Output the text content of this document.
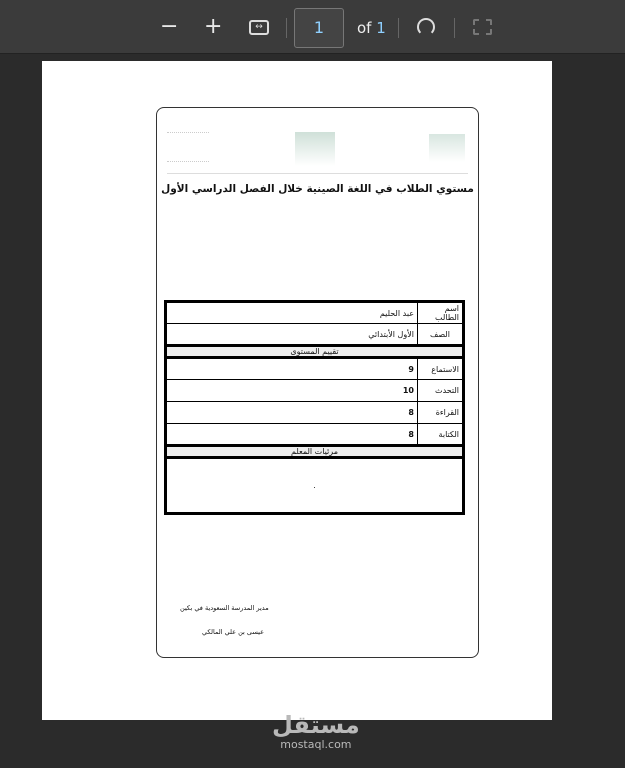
− +	↔	1	of 1
مستوي الطلاب في اللغة الصينية خلال الفصل الدراسي الأول
اسم الطالب	عبد الحليم
الصف	الأول الأبتدائي
تقييم المستوى	
الاستماع	9
التحدث	10
القراءة	8
الكتابة	8
مرئيات المعلم	
.	
مدير المدرسة السعودية في بكين
عيسى بن علي المالكي
مستقل
mostaql.com
